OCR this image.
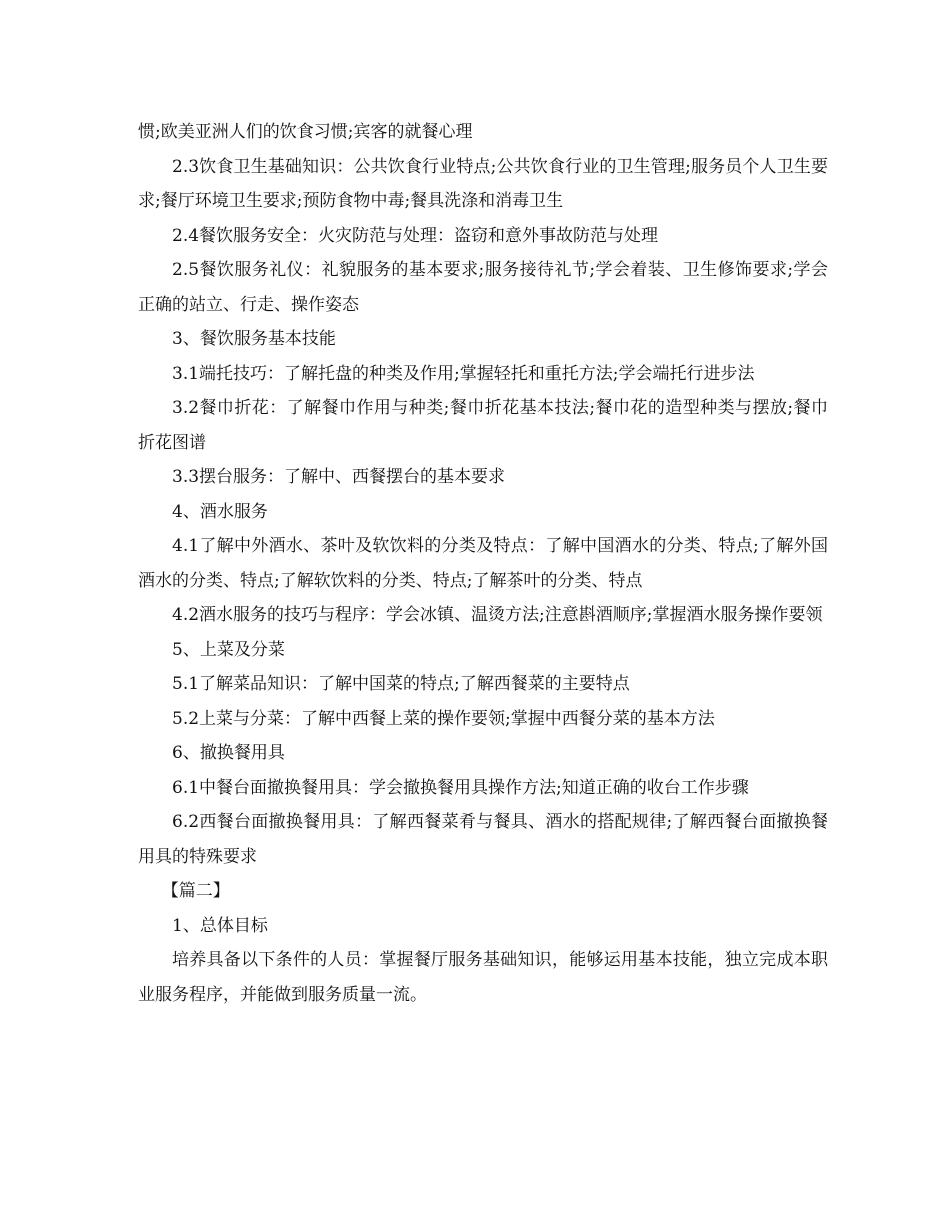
惯;欧美亚洲人们的饮食习惯;宾客的就餐心理

2.3饮食卫生基础知识：公共饮食行业特点;公共饮食行业的卫生管理;服务员个人卫生要求;餐厅环境卫生要求;预防食物中毒;餐具洗涤和消毒卫生

2.4餐饮服务安全：火灾防范与处理：盗窃和意外事故防范与处理

2.5餐饮服务礼仪：礼貌服务的基本要求;服务接待礼节;学会着装、卫生修饰要求;学会正确的站立、行走、操作姿态

3、餐饮服务基本技能

3.1端托技巧：了解托盘的种类及作用;掌握轻托和重托方法;学会端托行进步法

3.2餐巾折花：了解餐巾作用与种类;餐巾折花基本技法;餐巾花的造型种类与摆放;餐巾折花图谱

3.3摆台服务：了解中、西餐摆台的基本要求

4、酒水服务

4.1了解中外酒水、茶叶及软饮料的分类及特点：了解中国酒水的分类、特点;了解外国酒水的分类、特点;了解软饮料的分类、特点;了解茶叶的分类、特点

4.2酒水服务的技巧与程序：学会冰镇、温烫方法;注意斟酒顺序;掌握酒水服务操作要领

5、上菜及分菜

5.1了解菜品知识：了解中国菜的特点;了解西餐菜的主要特点

5.2上菜与分菜：了解中西餐上菜的操作要领;掌握中西餐分菜的基本方法

6、撤换餐用具

6.1中餐台面撤换餐用具：学会撤换餐用具操作方法;知道正确的收台工作步骤

6.2西餐台面撤换餐用具：了解西餐菜肴与餐具、酒水的搭配规律;了解西餐台面撤换餐用具的特殊要求

【篇二】

1、总体目标

培养具备以下条件的人员：掌握餐厅服务基础知识，能够运用基本技能，独立完成本职业服务程序，并能做到服务质量一流。
